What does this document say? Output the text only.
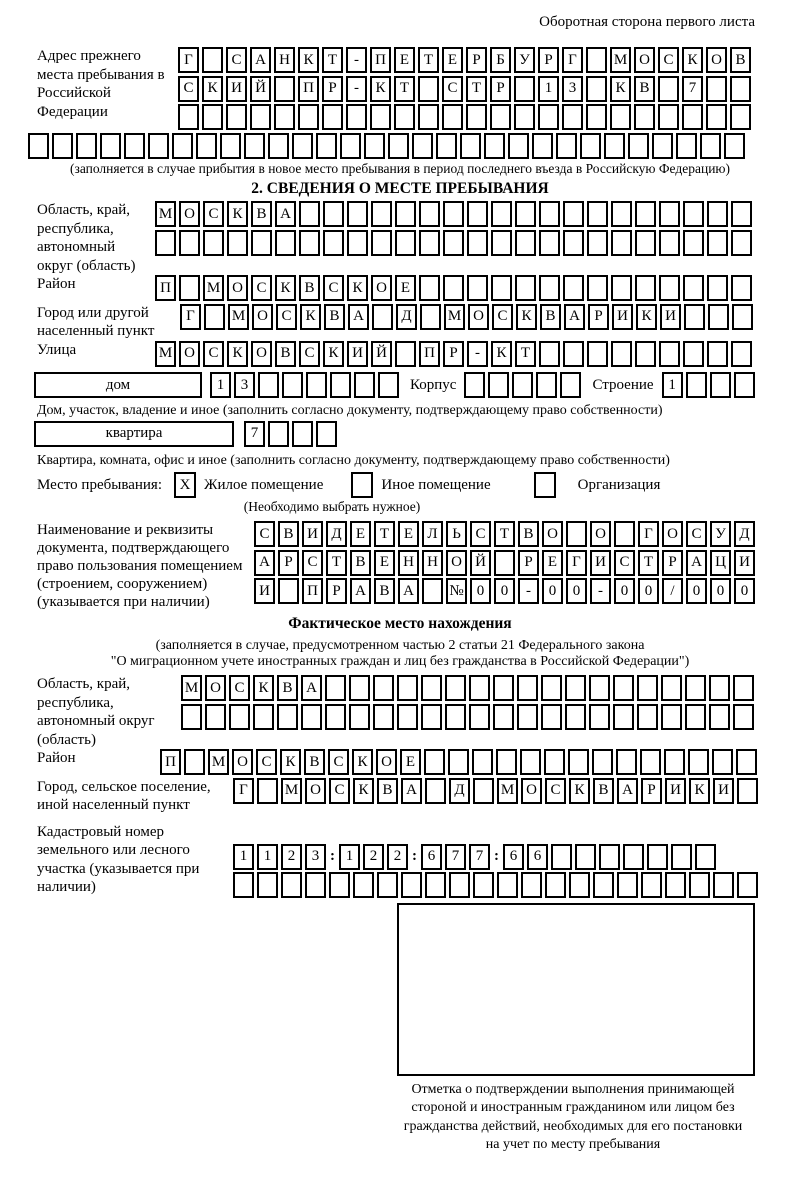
Оборотная сторона первого листа
Адрес прежнего места пребывания в Российской Федерации
Г	С А Н К Т	-	П Е Т Е	Р	Б У Р	Г	М О С К О В
С К И Й	П Р	-	К Т	С Т	Р	1	3	К В	7
(заполняется в случае прибытия в новое место пребывания в период последнего въезда в Российскую Федерацию)
2. СВЕДЕНИЯ О МЕСТЕ ПРЕБЫВАНИЯ
Область, край, республика, автономный округ (область)
М О С К В А
Район	П	М О С К В С К О Е
Город или другой населенный пункт
Г	М О С К В А	Д	М О С К В А Р И К И
Улица	М О С К О В С К И Й	П Р	-	К Т
дом	1	3	Корпус	Строение 1
Дом, участок, владение и иное (заполнить согласно документу, подтверждающему право собственности)
квартира	7
Квартира, комната, офис и иное (заполнить согласно документу, подтверждающему право собственности)
Место пребывания:	X Жилое помещение	Иное помещение	Организация
(Необходимо выбрать нужное)
Наименование и реквизиты документа, подтверждающего право пользования помещением (строением, сооружением) (указывается при наличии)
С В И Д Е Т Е Л Ь С Т В О	О	Г О С У Д
А Р С Т В Е Н Н О Й	Р	Е	Г И С Т	Р А Ц И
И	П Р А В А	№ 0	0	-	0	0	-	0	0	/	0	0	0
Фактическое место нахождения
(заполняется в случае, предусмотренном частью 2 статьи 21 Федерального закона
"О миграционном учете иностранных граждан и лиц без гражданства в Российской Федерации")
Область, край, республика, автономный округ (область)
М О С К В А
Район	П	М О С К В С К О Е
Город, сельское поселение, иной населенный пункт
Г	М О С К В А	Д	М О С К В А Р И К И
Кадастровый номер земельного или лесного участка (указывается при наличии)
1	1	2	3 : 1	2	2 : 6	7	7 : 6	6
Отметка о подтверждении выполнения принимающей
стороной и иностранным гражданином или лицом без
гражданства действий, необходимых для его постановки
на учет по месту пребывания
